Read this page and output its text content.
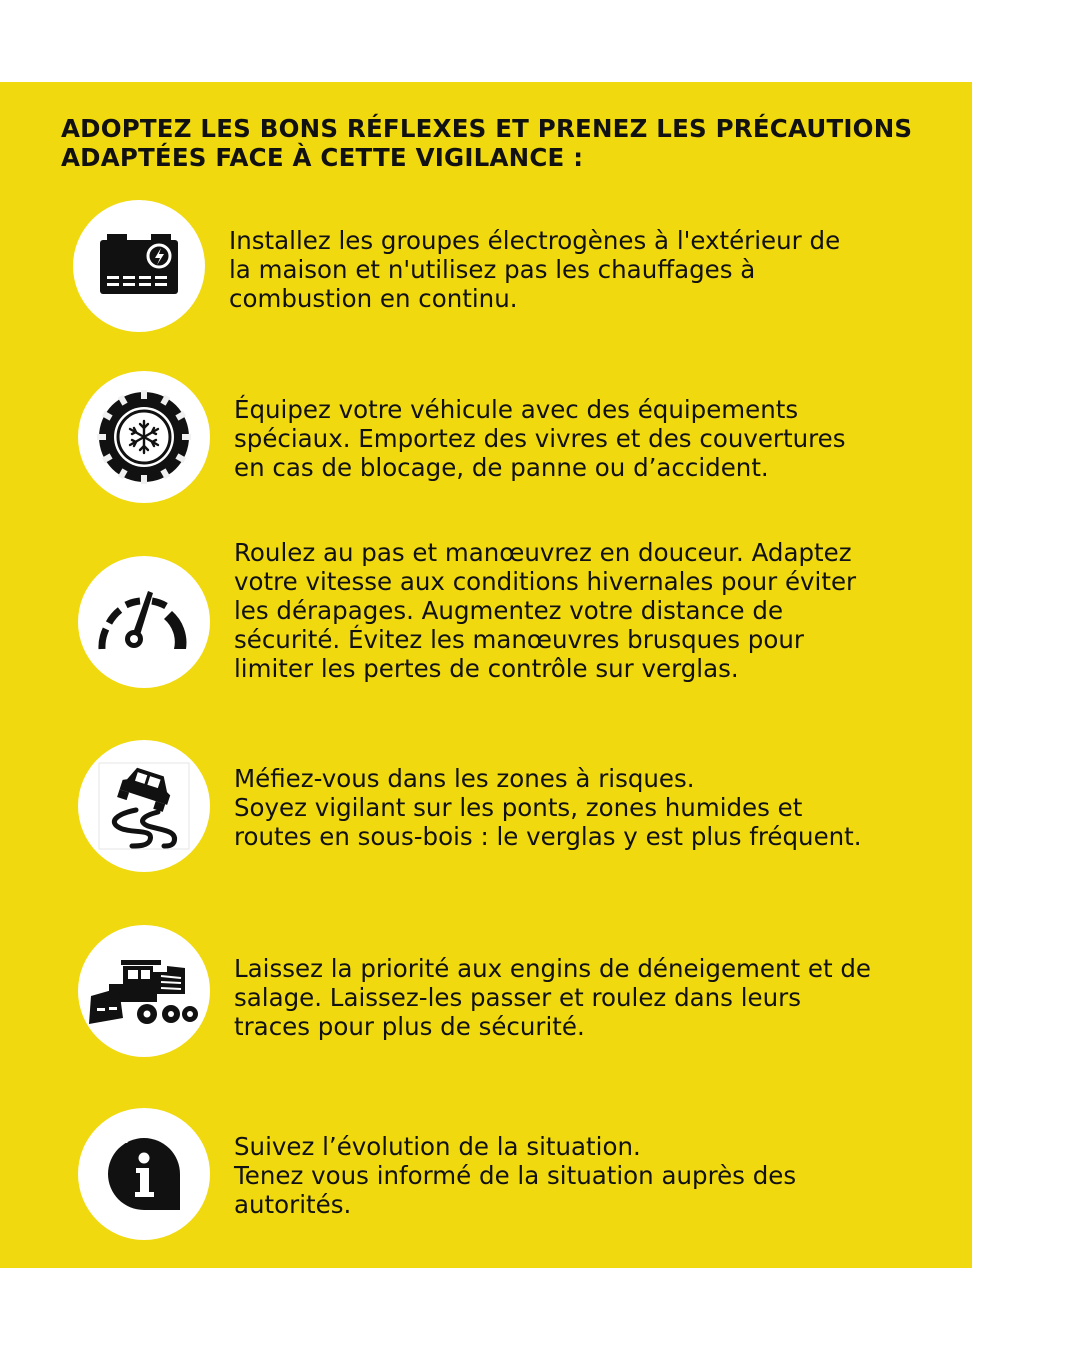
ADOPTEZ LES BONS RÉFLEXES ET PRENEZ LES PRÉCAUTIONS
ADAPTÉES FACE À CETTE VIGILANCE :

Installez les groupes électrogènes à l'extérieur de
la maison et n'utilisez pas les chauffages à
combustion en continu.

Équipez votre véhicule avec des équipements
spéciaux. Emportez des vivres et des couvertures
en cas de blocage, de panne ou d’accident.

Roulez au pas et manœuvrez en douceur. Adaptez
votre vitesse aux conditions hivernales pour éviter
les dérapages. Augmentez votre distance de
sécurité. Évitez les manœuvres brusques pour
limiter les pertes de contrôle sur verglas.

Méfiez-vous dans les zones à risques.
Soyez vigilant sur les ponts, zones humides et
routes en sous-bois : le verglas y est plus fréquent.

Laissez la priorité aux engins de déneigement et de
salage. Laissez-les passer et roulez dans leurs
traces pour plus de sécurité.

Suivez l’évolution de la situation.
Tenez vous informé de la situation auprès des
autorités.
